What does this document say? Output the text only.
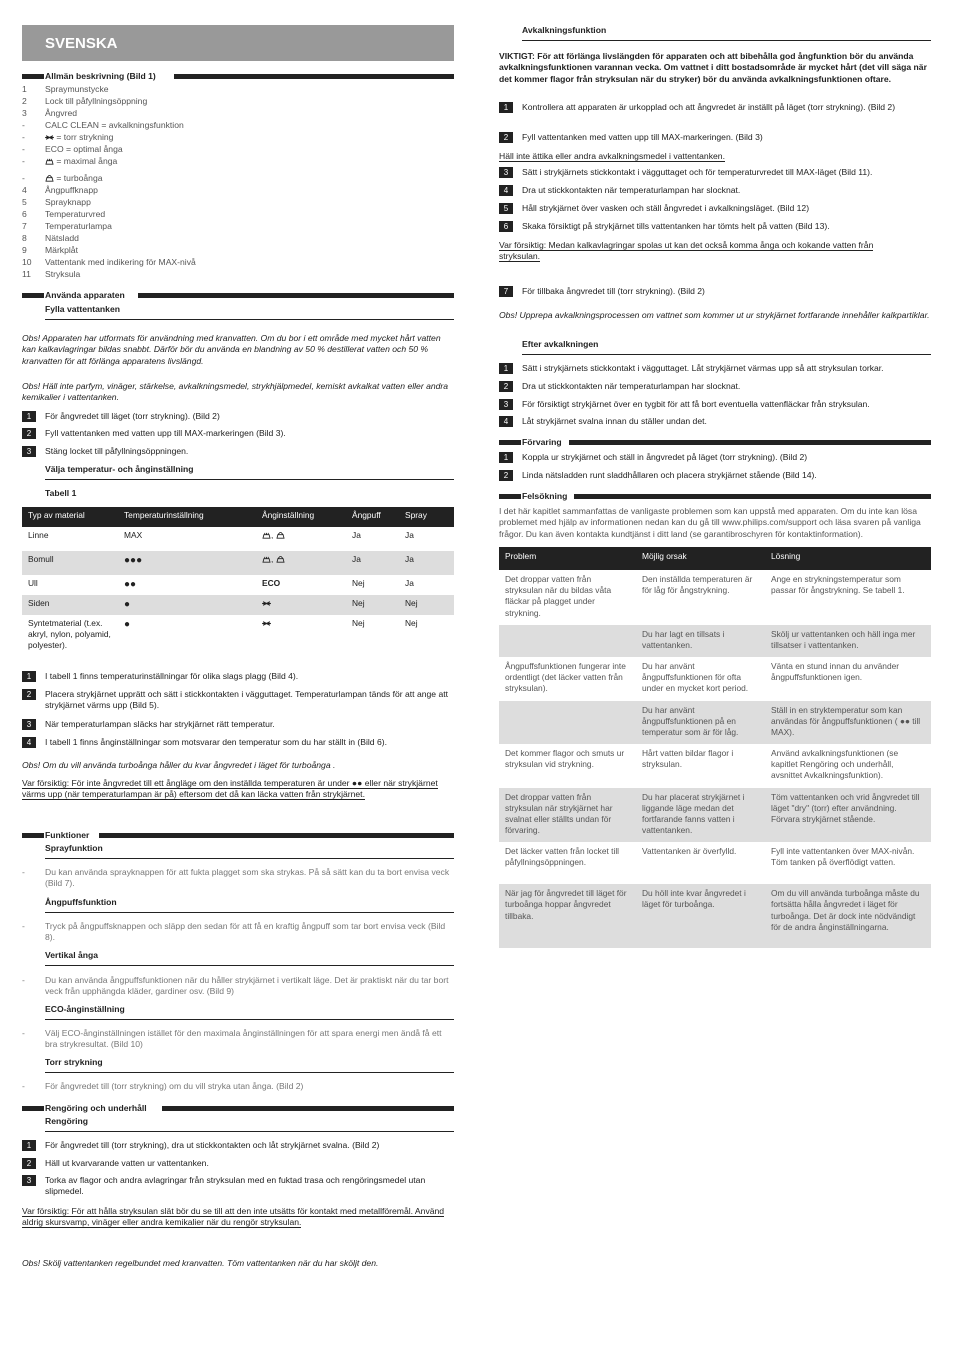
SVENSKA
Allmän beskrivning (Bild 1)
1 Spraymunstycke
2 Lock till påfyllningsöppning
3 Ångvred
- CALC CLEAN = avkalkningsfunktion
-	= torr strykning
- ECO = optimal ånga
-	= maximal ånga
-	= turboånga
4 Ångpuffknapp
5 Sprayknapp
6 Temperaturvred
7 Temperaturlampa
8 Nätsladd
9 Märkplåt
10 Vattentank med indikering för MAX-nivå
11 Stryksula
Använda apparaten
Fylla vattentanken
Obs! Apparaten har utformats för användning med kranvatten. Om du bor i ett område med mycket hårt vatten kan kalkavlagringar bildas snabbt. Därför bör du använda en blandning av 50 % destillerat vatten och 50 % kranvatten för att förlänga apparatens livslängd.
Obs! Häll inte parfym, vinäger, stärkelse, avkalkningsmedel, strykhjälpmedel, kemiskt avkalkat vatten eller andra kemikalier i vattentanken.
1	För ångvredet till läget (torr strykning). (Bild 2)
2	Fyll vattentanken med vatten upp till MAX-markeringen (Bild 3).
3	Stäng locket till påfyllningsöppningen.
Välja temperatur- och ånginställning
Tabell 1
Typ av material	Temperaturinställning	Ånginställning	Ångpuff	Spray
Linne	MAX	,	Ja	Ja
Bomull	●●●	,	Ja	Ja
Ull	●●	ECO	Nej	Ja
Siden	●		Nej	Nej
Syntetmaterial (t.ex. akryl, nylon, polyamid, polyester).	●		Nej	Nej
1	I tabell 1 finns temperaturinställningar för olika slags plagg (Bild 4).
2	Placera strykjärnet upprätt och sätt i stickkontakten i vägguttaget. Temperaturlampan tänds för att ange att strykjärnet värms upp (Bild 5).
3	När temperaturlampan släcks har strykjärnet rätt temperatur.
4	I tabell 1 finns ånginställningar som motsvarar den temperatur som du har ställt in (Bild 6).
Obs! Om du vill använda turboånga håller du kvar ångvredet i läget för turboånga .
Var försiktig: För inte ångvredet till ett ångläge om den inställda temperaturen är under ●● eller när strykjärnet värms upp (när temperaturlampan är på) eftersom det då kan läcka vatten från strykjärnet.
Funktioner
Sprayfunktion
- Du kan använda sprayknappen för att fukta plagget som ska strykas. På så sätt kan du ta bort envisa veck (Bild 7).
Ångpuffsfunktion
- Tryck på ångpuffsknappen och släpp den sedan för att få en kraftig ångpuff som tar bort envisa veck (Bild 8).
Vertikal ånga
- Du kan använda ångpuffsfunktionen när du håller strykjärnet i vertikalt läge. Det är praktiskt när du tar bort veck från upphängda kläder, gardiner osv. (Bild 9)
ECO-ånginställning
- Välj ECO-ånginställningen istället för den maximala ånginställningen för att spara energi men ändå få ett bra strykresultat. (Bild 10)
Torr strykning
- För ångvredet till (torr strykning) om du vill stryka utan ånga. (Bild 2)
Rengöring och underhåll
Rengöring
1	För ångvredet till (torr strykning), dra ut stickkontakten och låt strykjärnet svalna. (Bild 2)
2	Häll ut kvarvarande vatten ur vattentanken.
3	Torka av flagor och andra avlagringar från stryksulan med en fuktad trasa och rengöringsmedel utan slipmedel.
Var försiktig: För att hålla stryksulan slät bör du se till att den inte utsätts för kontakt med metallföremål. Använd aldrig skursvamp, vinäger eller andra kemikalier när du rengör stryksulan.
Obs! Skölj vattentanken regelbundet med kranvatten. Töm vattentanken när du har sköljt den.
Avkalkningsfunktion
VIKTIGT: För att förlänga livslängden för apparaten och att bibehålla god ångfunktion bör du använda avkalkningsfunktionen varannan vecka. Om vattnet i ditt bostadsområde är mycket hårt (det vill säga när det kommer flagor från stryksulan när du stryker) bör du använda avkalkningsfunktionen oftare.
1	Kontrollera att apparaten är urkopplad och att ångvredet är inställt på läget (torr strykning). (Bild 2)
2	Fyll vattentanken med vatten upp till MAX-markeringen. (Bild 3)
Häll inte ättika eller andra avkalkningsmedel i vattentanken.
3	Sätt i strykjärnets stickkontakt i vägguttaget och för temperaturvredet till MAX-läget (Bild 11).
4	Dra ut stickkontakten när temperaturlampan har slocknat.
5	Håll strykjärnet över vasken och ställ ångvredet i avkalkningsläget. (Bild 12)
6	Skaka försiktigt på strykjärnet tills vattentanken har tömts helt på vatten (Bild 13).
Var försiktig: Medan kalkavlagringar spolas ut kan det också komma ånga och kokande vatten från stryksulan.
7	För tillbaka ångvredet till (torr strykning). (Bild 2)
Obs! Upprepa avkalkningsprocessen om vattnet som kommer ut ur strykjärnet fortfarande innehåller kalkpartiklar.
Efter avkalkningen
1	Sätt i strykjärnets stickkontakt i vägguttaget. Låt strykjärnet värmas upp så att stryksulan torkar.
2	Dra ut stickkontakten när temperaturlampan har slocknat.
3	För försiktigt strykjärnet över en tygbit för att få bort eventuella vattenfläckar från stryksulan.
4	Låt strykjärnet svalna innan du ställer undan det.
Förvaring
1	Koppla ur strykjärnet och ställ in ångvredet på läget (torr strykning). (Bild 2)
2	Linda nätsladden runt sladdhållaren och placera strykjärnet stående (Bild 14).
Felsökning
I det här kapitlet sammanfattas de vanligaste problemen som kan uppstå med apparaten. Om du inte kan lösa problemet med hjälp av informationen nedan kan du gå till www.philips.com/support och läsa svaren på vanliga frågor. Du kan även kontakta kundtjänst i ditt land (se garantibroschyren för kontaktinformation).
Problem	Möjlig orsak	Lösning
Det droppar vatten från stryksulan när du bildas våta fläckar på plagget under strykning.	Den inställda temperaturen är för låg för ångstrykning.	Ange en strykningstemperatur som passar för ångstrykning. Se tabell 1.
	Du har lagt en tillsats i vattentanken.	Skölj ur vattentanken och häll inga mer tillsatser i vattentanken.
Ångpuffsfunktionen fungerar inte ordentligt (det läcker vatten från stryksulan).	Du har använt ångpuffsfunktionen för ofta under en mycket kort period.	Vänta en stund innan du använder ångpuffsfunktionen igen.
	Du har använt ångpuffsfunktionen på en temperatur som är för låg.	Ställ in en stryktemperatur som kan användas för ångpuffsfunktionen ( ●● till MAX).
Det kommer flagor och smuts ur stryksulan vid strykning.	Hårt vatten bildar flagor i stryksulan.	Använd avkalkningsfunktionen (se kapitlet Rengöring och underhåll, avsnittet Avkalkningsfunktion).
Det droppar vatten från stryksulan när strykjärnet har svalnat eller ställts undan för förvaring.	Du har placerat strykjärnet i liggande läge medan det fortfarande fanns vatten i vattentanken.	Töm vattentanken och vrid ångvredet till läget "dry" (torr) efter användning. Förvara strykjärnet stående.
Det läcker vatten från locket till påfyllningsöppningen.	Vattentanken är överfylld.	Fyll inte vattentanken över MAX-nivån. Töm tanken på överflödigt vatten.
När jag för ångvredet till läget för turboånga hoppar ångvredet tillbaka.	Du höll inte kvar ångvredet i läget för turboånga.	Om du vill använda turboånga måste du fortsätta hålla ångvredet i läget för turboånga. Det är dock inte nödvändigt för de andra ånginställningarna.
